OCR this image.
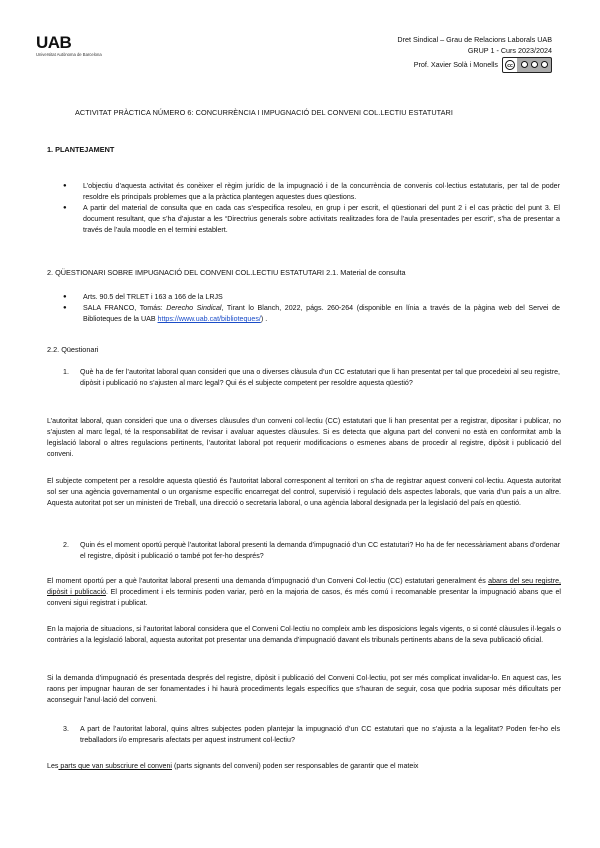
UAB
Universitat Autònoma de Barcelona
Dret Sindical – Grau de Relacions Laborals UAB
GRUP 1 - Curs 2023/2024
Prof. Xavier Solà i Monells	cc
ACTIVITAT PRÀCTICA NÚMERO 6: CONCURRÈNCIA I IMPUGNACIÓ DEL CONVENI COL.LECTIU ESTATUTARI
1. PLANTEJAMENT
● L’objectiu d’aquesta activitat és conèixer el règim jurídic de la impugnació i de la concurrència de convenis col·lectius estatutaris, per tal de poder resoldre els principals problemes que a la pràctica plantegen aquestes dues qüestions.
● A partir del material de consulta que en cada cas s’especifica resoleu, en grup i per escrit, el qüestionari del punt 2 i el cas pràctic del punt 3. El document resultant, que s’ha d’ajustar a les “Directrius generals sobre activitats realitzades fora de l’aula presentades per escrit”, s’ha de presentar a través de l’aula moodle en el termini establert.
2. QÜESTIONARI SOBRE IMPUGNACIÓ DEL CONVENI COL.LECTIU ESTATUTARI 2.1. Material de consulta
● Arts. 90.5 del TRLET i 163 a 166 de la LRJS
● SALA FRANCO, Tomás: Derecho Sindical, Tirant lo Blanch, 2022, págs. 260-264 (disponible en línia a través de la pàgina web del Servei de Biblioteques de la UAB https://www.uab.cat/biblioteques/) .
2.2. Qüestionari
1. Què ha de fer l’autoritat laboral quan consideri que una o diverses clàusula d’un CC estatutari que li han presentat per tal que procedeixi al seu registre, dipòsit i publicació no s’ajusten al marc legal? Qui és el subjecte competent per resoldre aquesta qüestió?
L’autoritat laboral, quan consideri que una o diverses clàusules d’un conveni col·lectiu (CC) estatutari que li han presentat per a registrar, dipositar i publicar, no s’ajusten al marc legal, té la responsabilitat de revisar i avaluar aquestes clàusules. Si es detecta que alguna part del conveni no està en conformitat amb la legislació laboral o altres regulacions pertinents, l’autoritat laboral pot requerir modificacions o esmenes abans de procedir al registre, dipòsit i publicació del conveni.
El subjecte competent per a resoldre aquesta qüestió és l’autoritat laboral corresponent al territori on s’ha de registrar aquest conveni col·lectiu. Aquesta autoritat sol ser una agència governamental o un organisme específic encarregat del control, supervisió i regulació dels aspectes laborals, que varia d’un país a un altre. Aquesta autoritat pot ser un ministeri de Treball, una direcció o secretaria laboral, o una agència laboral designada per la legislació del país en qüestió.
2. Quin és el moment oportú perquè l’autoritat laboral presenti la demanda d’impugnació d’un CC estatutari? Ho ha de fer necessàriament abans d’ordenar el registre, dipòsit i publicació o també pot fer-ho després?
El moment oportú per a què l’autoritat laboral presenti una demanda d’impugnació d’un Conveni Col·lectiu (CC) estatutari generalment és abans del seu registre, dipòsit i publicació. El procediment i els terminis poden variar, però en la majoria de casos, és més comú i recomanable presentar la impugnació abans que el conveni sigui registrat i publicat.
En la majoria de situacions, si l’autoritat laboral considera que el Conveni Col·lectiu no compleix amb les disposicions legals vigents, o si conté clàusules il·legals o contràries a la legislació laboral, aquesta autoritat pot presentar una demanda d’impugnació davant els tribunals pertinents abans de la seva publicació oficial.
Si la demanda d’impugnació és presentada després del registre, dipòsit i publicació del Conveni Col·lectiu, pot ser més complicat invalidar-lo. En aquest cas, les raons per impugnar hauran de ser fonamentades i hi haurà procediments legals específics que s’hauran de seguir, cosa que podria suposar més dificultats per aconseguir l’anul·lació del conveni.
3. A part de l’autoritat laboral, quins altres subjectes poden plantejar la impugnació d’un CC estatutari que no s’ajusta a la legalitat? Poden fer-ho els treballadors i/o empresaris afectats per aquest instrument col·lectiu?
Les parts que van subscriure el conveni (parts signants del conveni) poden ser responsables de garantir que el mateix
